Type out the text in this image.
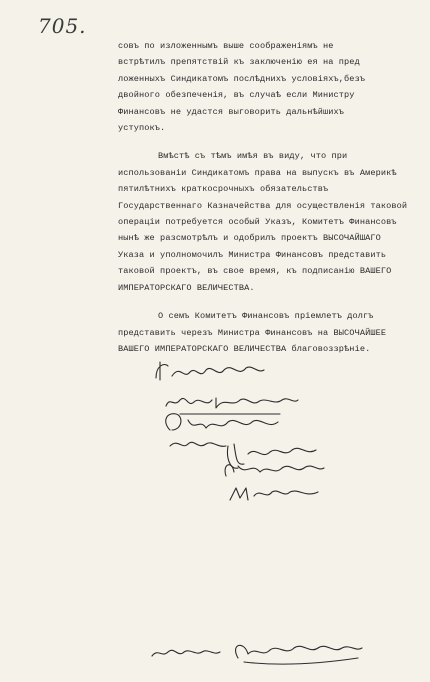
705.

совъ по изложеннымъ выше соображеніямъ не

встрѣтилъ препятствій къ заключенію ея на пред

ложенныхъ Синдикатомъ послѣднихъ условіяхъ,безъ

двойного обезпеченія, въ случаѣ если Министру

Финансовъ не удастся выговорить дальнѣйшихъ

уступокъ.

Вмѣстѣ съ тѣмъ имѣя въ виду, что при использованіи Синдикатомъ права на выпускъ въ Америкѣ пятилѣтнихъ краткосрочныхъ обязательствъ Государственнаго Казначейства для осуществленія таковой операціи потребуется особый Указъ, Комитетъ Финансовъ нынѣ же разсмотрѣлъ и одобрилъ проектъ ВЫСОЧАЙШАГО Указа и уполномочилъ Министра Финансовъ представить таковой проектъ, въ свое время, къ подписанію ВАШЕГО ИМПЕРАТОРСКАГО ВЕЛИЧЕСТВА.

О семъ Комитетъ Финансовъ пріемлетъ долгъ представить черезъ Министра Финансовъ на ВЫСОЧАЙШЕЕ ВАШЕГО ИМПЕРАТОРСКАГО ВЕЛИЧЕСТВА благовоззрѣніе.
